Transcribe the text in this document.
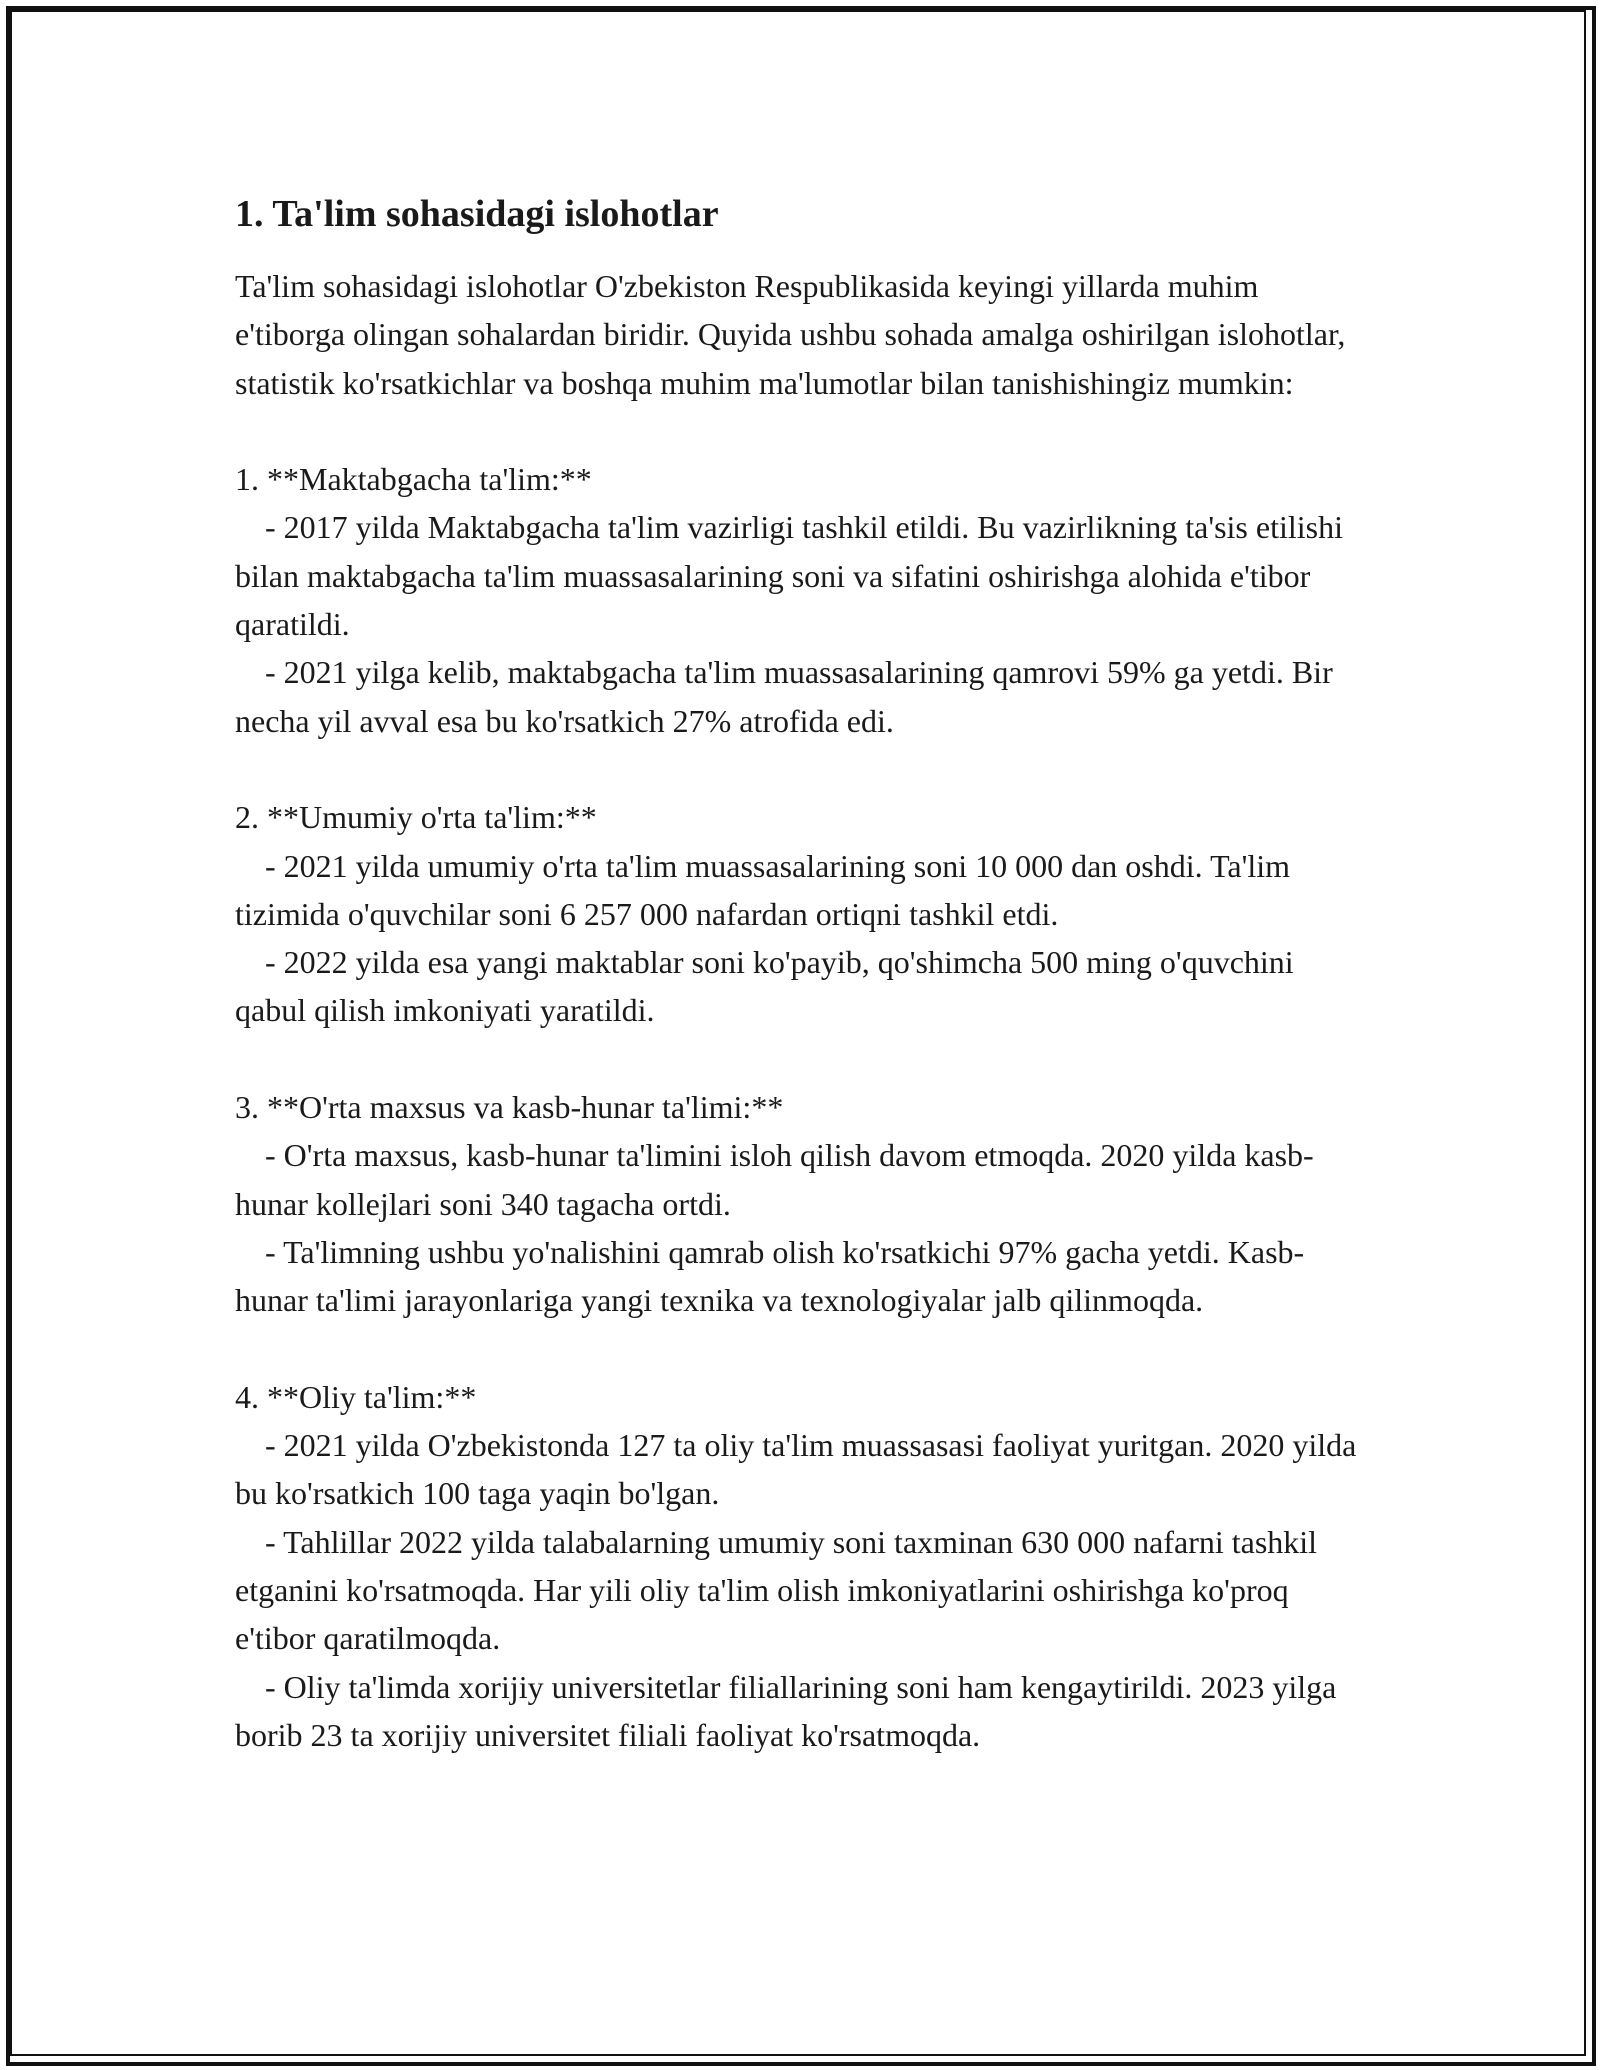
1. Ta'lim sohasidagi islohotlar

Ta'lim sohasidagi islohotlar O'zbekiston Respublikasida keyingi yillarda muhim e'tiborga olingan sohalardan biridir. Quyida ushbu sohada amalga oshirilgan islohotlar, statistik ko'rsatkichlar va boshqa muhim ma'lumotlar bilan tanishishingiz mumkin:

1. **Maktabgacha ta'lim:**
- 2017 yilda Maktabgacha ta'lim vazirligi tashkil etildi. Bu vazirlikning ta'sis etilishi bilan maktabgacha ta'lim muassasalarining soni va sifatini oshirishga alohida e'tibor qaratildi.
- 2021 yilga kelib, maktabgacha ta'lim muassasalarining qamrovi 59% ga yetdi. Bir necha yil avval esa bu ko'rsatkich 27% atrofida edi.
2. **Umumiy o'rta ta'lim:**
- 2021 yilda umumiy o'rta ta'lim muassasalarining soni 10 000 dan oshdi. Ta'lim tizimida o'quvchilar soni 6 257 000 nafardan ortiqni tashkil etdi.
- 2022 yilda esa yangi maktablar soni ko'payib, qo'shimcha 500 ming o'quvchini qabul qilish imkoniyati yaratildi.
3. **O'rta maxsus va kasb-hunar ta'limi:**
- O'rta maxsus, kasb-hunar ta'limini isloh qilish davom etmoqda. 2020 yilda kasb-hunar kollejlari soni 340 tagacha ortdi.
- Ta'limning ushbu yo'nalishini qamrab olish ko'rsatkichi 97% gacha yetdi. Kasb-hunar ta'limi jarayonlariga yangi texnika va texnologiyalar jalb qilinmoqda.
4. **Oliy ta'lim:**
- 2021 yilda O'zbekistonda 127 ta oliy ta'lim muassasasi faoliyat yuritgan. 2020 yilda bu ko'rsatkich 100 taga yaqin bo'lgan.
- Tahlillar 2022 yilda talabalarning umumiy soni taxminan 630 000 nafarni tashkil etganini ko'rsatmoqda. Har yili oliy ta'lim olish imkoniyatlarini oshirishga ko'proq e'tibor qaratilmoqda.
- Oliy ta'limda xorijiy universitetlar filiallarining soni ham kengaytirildi. 2023 yilga borib 23 ta xorijiy universitet filiali faoliyat ko'rsatmoqda.
